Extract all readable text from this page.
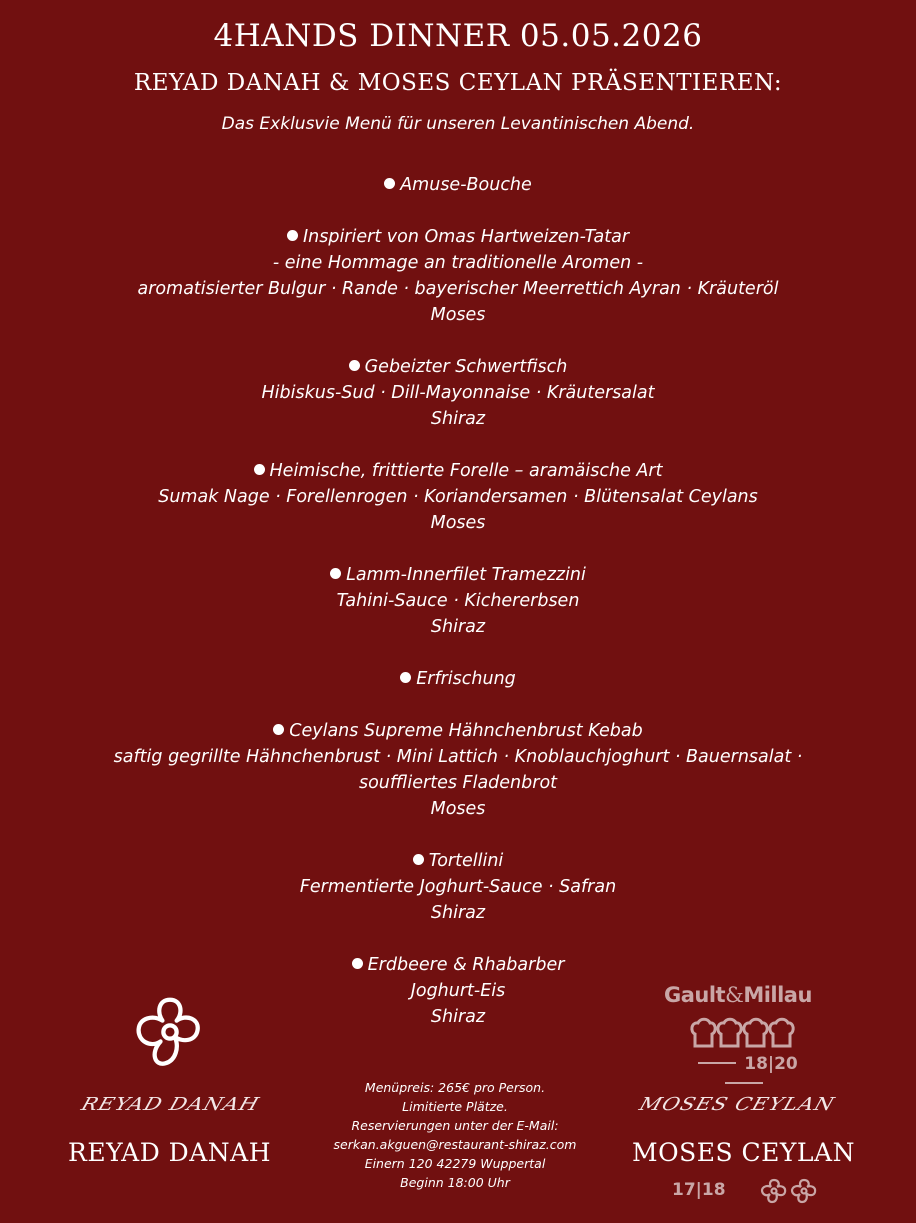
4HANDS DINNER 05.05.2026
REYAD DANAH & MOSES CEYLAN PRÄSENTIEREN:
Das Exklusvie Menü für unseren Levantinischen Abend.
Amuse-Bouche
Inspiriert von Omas Hartweizen-Tatar
- eine Hommage an traditionelle Aromen -
aromatisierter Bulgur · Rande · bayerischer Meerrettich Ayran · Kräuteröl
Moses
Gebeizter Schwertfisch
Hibiskus-Sud · Dill-Mayonnaise · Kräutersalat
Shiraz
Heimische, frittierte Forelle – aramäische Art
Sumak Nage · Forellenrogen · Koriandersamen · Blütensalat Ceylans
Moses
Lamm-Innerfilet Tramezzini
Tahini-Sauce · Kichererbsen
Shiraz
Erfrischung
Ceylans Supreme Hähnchenbrust Kebab
saftig gegrillte Hähnchenbrust · Mini Lattich · Knoblauchjoghurt · Bauernsalat ·
souffliertes Fladenbrot
Moses
Tortellini
Fermentierte Joghurt-Sauce · Safran
Shiraz
Erdbeere & Rhabarber
Joghurt-Eis
Shiraz
REYAD DANAH
REYAD DANAH
Menüpreis: 265€ pro Person.
Limitierte Plätze.
Reservierungen unter der E-Mail:
serkan.akguen@restaurant-shiraz.com
Einern 120 42279 Wuppertal
Beginn 18:00 Uhr
Gault&Millau
18|20
MOSES CEYLAN
MOSES CEYLAN
17|18
